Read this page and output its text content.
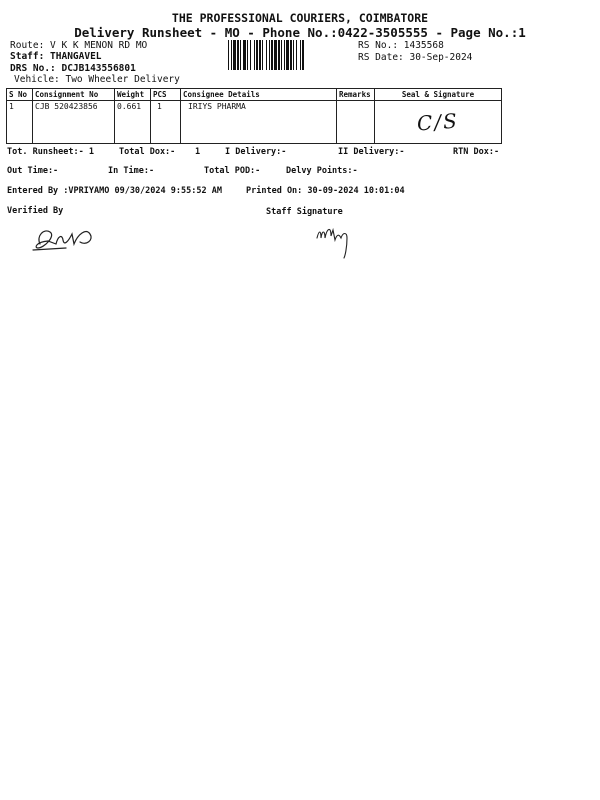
THE PROFESSIONAL COURIERS, COIMBATORE
Delivery Runsheet - MO - Phone No.:0422-3505555 - Page No.:1
Route: V K K MENON RD MO
Staff: THANGAVEL
DRS No.: DCJB143556801
Vehicle: Two Wheeler Delivery
RS No.: 1435568
RS Date: 30-Sep-2024
S No	Consignment No	Weight	PCS	Consignee Details	Remarks	Seal & Signature
1	CJB 520423856	0.661	1	IRIYS PHARMA		C/S
Tot. Runsheet:- 1	Total Dox:- 1	I Delivery:-	II Delivery:-	RTN Dox:-
Out Time:-	In Time:-	Total POD:-	Delvy Points:-
Entered By :VPRIYAMO 09/30/2024 9:55:52 AM	Printed On: 30-09-2024 10:01:04
Verified By	Staff Signature
